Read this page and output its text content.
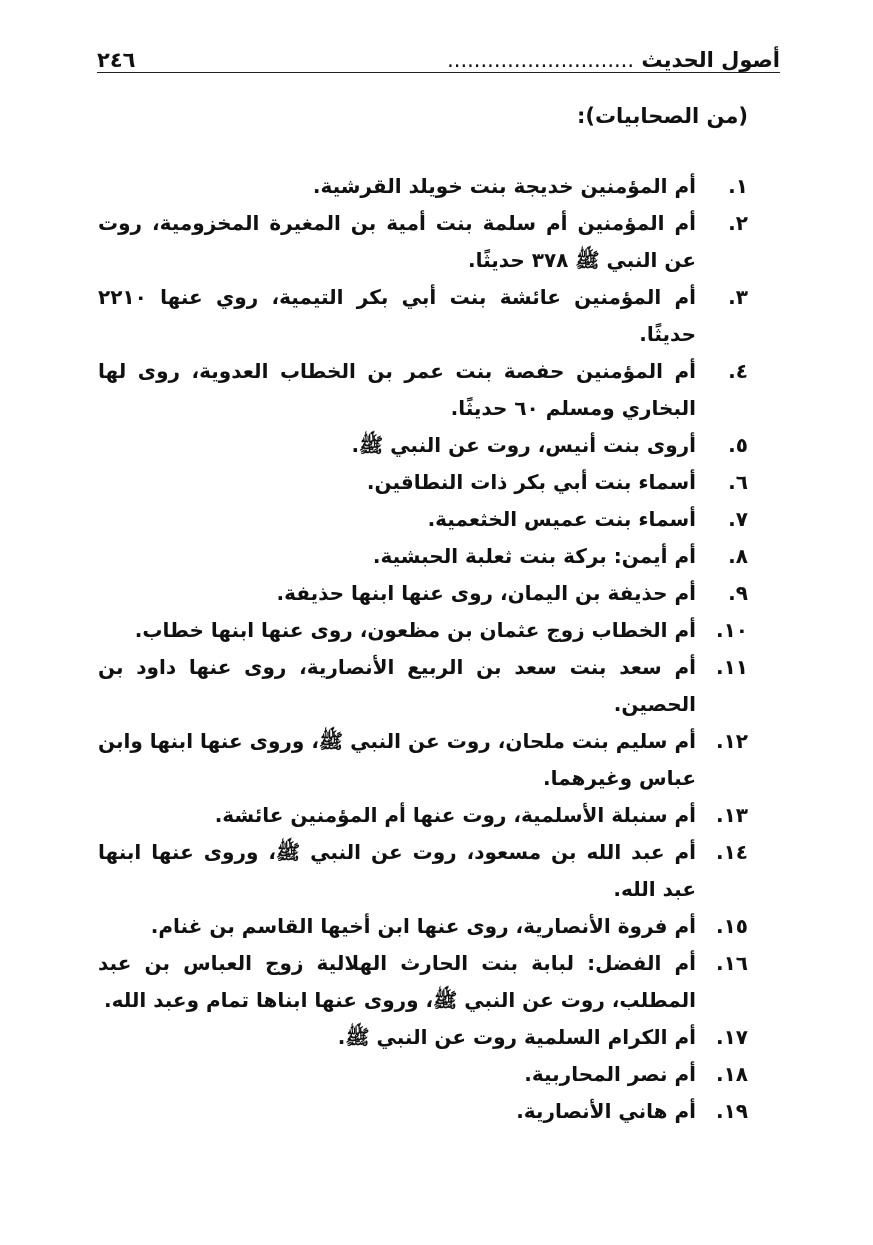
أصول الحديث ............................
٢٤٦
(من الصحابيات):
١.
أم المؤمنين خديجة بنت خويلد القرشية.
٢.
أم المؤمنين أم سلمة بنت أمية بن المغيرة المخزومية، روت عن النبي ﷺ ٣٧٨ حديثًا.
٣.
أم المؤمنين عائشة بنت أبي بكر التيمية، روي عنها ٢٢١٠ حديثًا.
٤.
أم المؤمنين حفصة بنت عمر بن الخطاب العدوية، روى لها البخاري ومسلم ٦٠ حديثًا.
٥.
أروى بنت أنيس، روت عن النبي ﷺ.
٦.
أسماء بنت أبي بكر ذات النطاقين.
٧.
أسماء بنت عميس الخثعمية.
٨.
أم أيمن: بركة بنت ثعلبة الحبشية.
٩.
أم حذيفة بن اليمان، روى عنها ابنها حذيفة.
١٠.
أم الخطاب زوج عثمان بن مظعون، روى عنها ابنها خطاب.
١١.
أم سعد بنت سعد بن الربيع الأنصارية، روى عنها داود بن الحصين.
١٢.
أم سليم بنت ملحان، روت عن النبي ﷺ، وروى عنها ابنها وابن عباس وغيرهما.
١٣.
أم سنبلة الأسلمية، روت عنها أم المؤمنين عائشة.
١٤.
أم عبد الله بن مسعود، روت عن النبي ﷺ، وروى عنها ابنها عبد الله.
١٥.
أم فروة الأنصارية، روى عنها ابن أخيها القاسم بن غنام.
١٦.
أم الفضل: لبابة بنت الحارث الهلالية زوج العباس بن عبد المطلب، روت عن النبي ﷺ، وروى عنها ابناها تمام وعبد الله.
١٧.
أم الكرام السلمية روت عن النبي ﷺ.
١٨.
أم نصر المحاربية.
١٩.
أم هاني الأنصارية.
